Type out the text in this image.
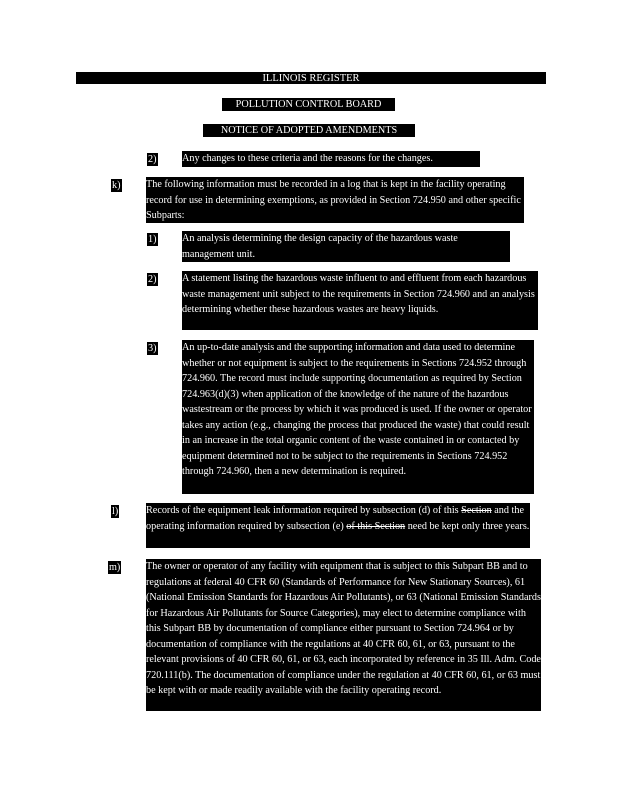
ILLINOIS REGISTER
POLLUTION CONTROL BOARD
NOTICE OF ADOPTED AMENDMENTS
2)	Any changes to these criteria and the reasons for the changes.

k)	The following information must be recorded in a log that is kept in the facility operating record for use in determining exemptions, as provided in Section 724.950 and other specific Subparts:

1)	An analysis determining the design capacity of the hazardous waste management unit.

2)	A statement listing the hazardous waste influent to and effluent from each hazardous waste management unit subject to the requirements in Section 724.960 and an analysis determining whether these hazardous wastes are heavy liquids.

3)	An up-to-date analysis and the supporting information and data used to determine whether or not equipment is subject to the requirements in Sections 724.952 through 724.960. The record must include supporting documentation as required by Section 724.963(d)(3) when application of the knowledge of the nature of the hazardous wastestream or the process by which it was produced is used. If the owner or operator takes any action (e.g., changing the process that produced the waste) that could result in an increase in the total organic content of the waste contained in or contacted by equipment determined not to be subject to the requirements in Sections 724.952 through 724.960, then a new determination is required.

l)	Records of the equipment leak information required by subsection (d) of this Section and the operating information required by subsection (e) of this Section need be kept only three years.

m)	The owner or operator of any facility with equipment that is subject to this Subpart BB and to regulations at federal 40 CFR 60 (Standards of Performance for New Stationary Sources), 61 (National Emission Standards for Hazardous Air Pollutants), or 63 (National Emission Standards for Hazardous Air Pollutants for Source Categories), may elect to determine compliance with this Subpart BB by documentation of compliance either pursuant to Section 724.964 or by documentation of compliance with the regulations at 40 CFR 60, 61, or 63, pursuant to the relevant provisions of 40 CFR 60, 61, or 63, each incorporated by reference in 35 Ill. Adm. Code 720.111(b). The documentation of compliance under the regulation at 40 CFR 60, 61, or 63 must be kept with or made readily available with the facility operating record.
